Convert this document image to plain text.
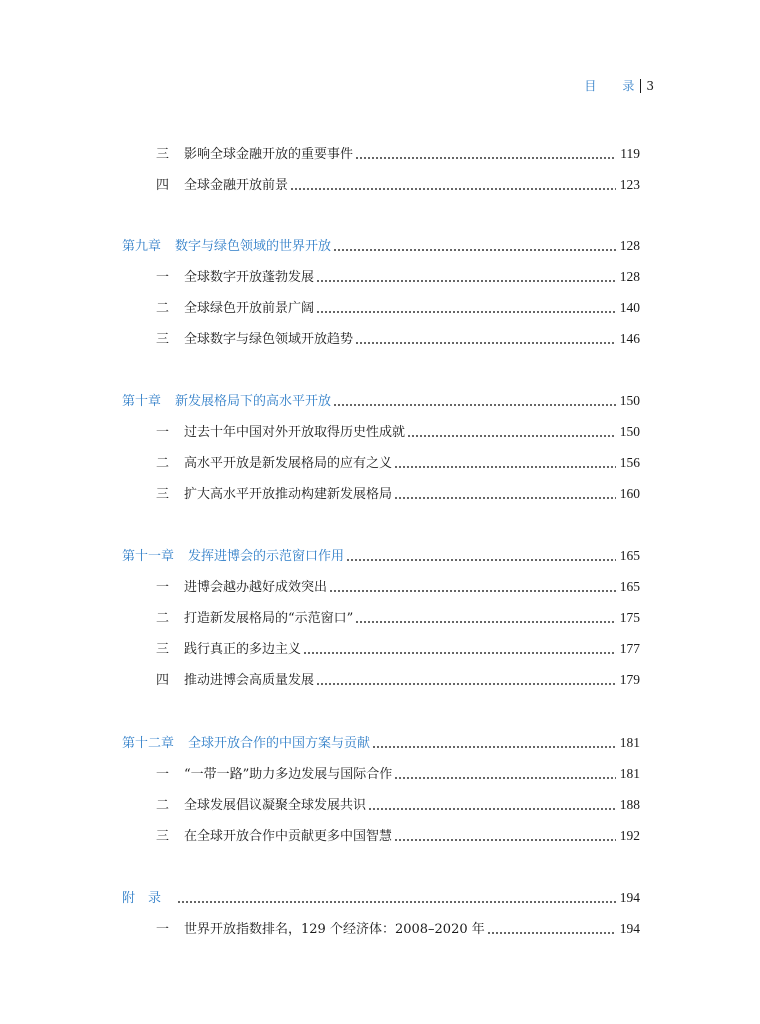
目 录 3
三	影响全球金融开放的重要事件	119
四	全球金融开放前景	123
第九章 数字与绿色领域的世界开放	128
一	全球数字开放蓬勃发展	128
二	全球绿色开放前景广阔	140
三	全球数字与绿色领域开放趋势	146
第十章 新发展格局下的高水平开放	150
一	过去十年中国对外开放取得历史性成就	150
二	高水平开放是新发展格局的应有之义	156
三	扩大高水平开放推动构建新发展格局	160
第十一章 发挥进博会的示范窗口作用	165
一	进博会越办越好成效突出	165
二	打造新发展格局的“示范窗口”	175
三	践行真正的多边主义	177
四	推动进博会高质量发展	179
第十二章 全球开放合作的中国方案与贡献	181
一	“一带一路”助力多边发展与国际合作	181
二	全球发展倡议凝聚全球发展共识	188
三	在全球开放合作中贡献更多中国智慧	192
附　录	194
一	世界开放指数排名，129 个经济体：2008–2020 年	194
